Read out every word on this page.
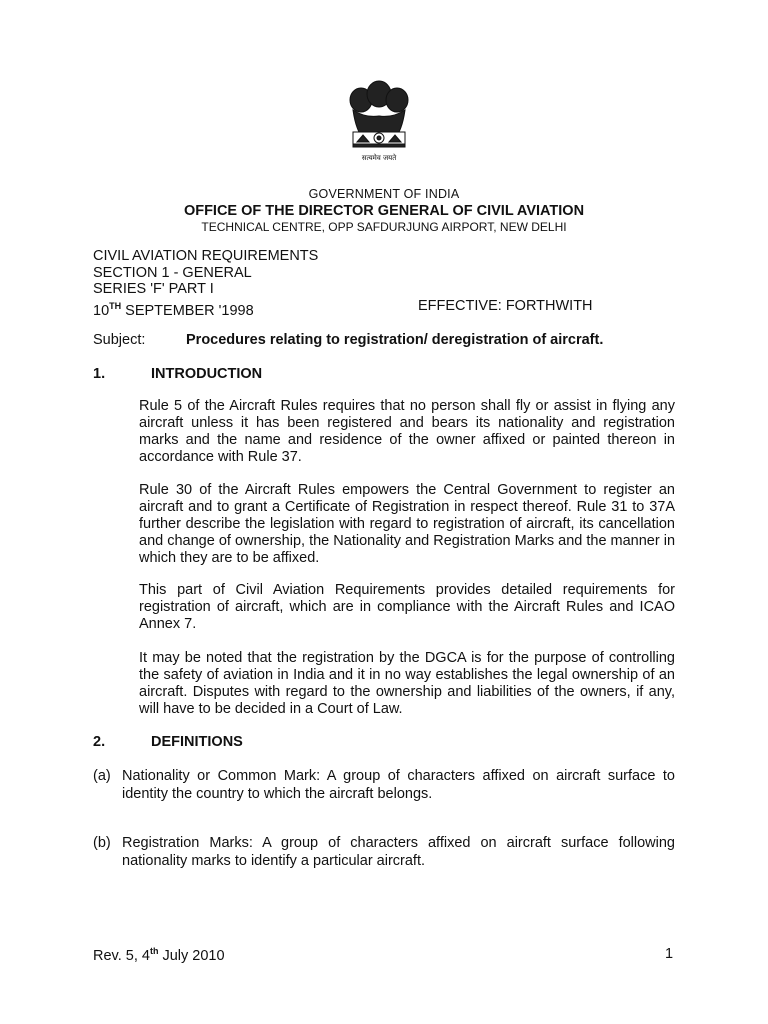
सत्यमेव जयते
GOVERNMENT OF INDIA
OFFICE OF THE DIRECTOR GENERAL OF CIVIL AVIATION
TECHNICAL CENTRE, OPP SAFDURJUNG AIRPORT, NEW DELHI
CIVIL AVIATION REQUIREMENTS
SECTION 1 - GENERAL
SERIES 'F' PART I
10TH SEPTEMBER '1998	EFFECTIVE: FORTHWITH
Subject:	Procedures relating to registration/ deregistration of aircraft.
1.	INTRODUCTION
Rule 5 of the Aircraft Rules requires that no person shall fly or assist in flying any aircraft unless it has been registered and bears its nationality and registration marks and the name and residence of the owner affixed or painted thereon in accordance with Rule 37.
Rule 30 of the Aircraft Rules empowers the Central Government to register an aircraft and to grant a Certificate of Registration in respect thereof. Rule 31 to 37A further describe the legislation with regard to registration of aircraft, its cancellation and change of ownership, the Nationality and Registration Marks and the manner in which they are to be affixed.
This part of Civil Aviation Requirements provides detailed requirements for registration of aircraft, which are in compliance with the Aircraft Rules and ICAO Annex 7.
It may be noted that the registration by the DGCA is for the purpose of controlling the safety of aviation in India and it in no way establishes the legal ownership of an aircraft. Disputes with regard to the ownership and liabilities of the owners, if any, will have to be decided in a Court of Law.
2.	DEFINITIONS
(a) Nationality or Common Mark: A group of characters affixed on aircraft surface to identity the country to which the aircraft belongs.
(b) Registration Marks: A group of characters affixed on aircraft surface following nationality marks to identify a particular aircraft.
Rev. 5, 4th July 2010	1
